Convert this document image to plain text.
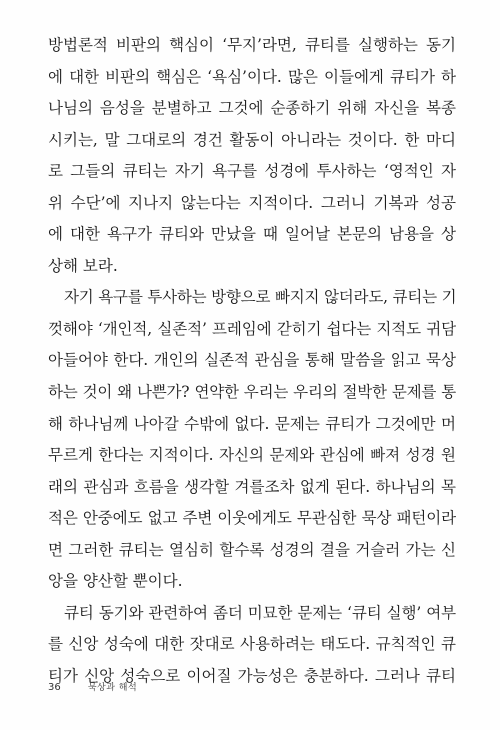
방법론적 비판의 핵심이 ‘무지’라면, 큐티를 실행하는 동기
에 대한 비판의 핵심은 ‘욕심’이다. 많은 이들에게 큐티가 하
나님의 음성을 분별하고 그것에 순종하기 위해 자신을 복종
시키는, 말 그대로의 경건 활동이 아니라는 것이다. 한 마디
로 그들의 큐티는 자기 욕구를 성경에 투사하는 ‘영적인 자
위 수단’에 지나지 않는다는 지적이다. 그러니 기복과 성공
에 대한 욕구가 큐티와 만났을 때 일어날 본문의 남용을 상
상해 보라.
자기 욕구를 투사하는 방향으로 빠지지 않더라도, 큐티는 기
껏해야 ‘개인적, 실존적’ 프레임에 갇히기 쉽다는 지적도 귀담
아들어야 한다. 개인의 실존적 관심을 통해 말씀을 읽고 묵상
하는 것이 왜 나쁜가? 연약한 우리는 우리의 절박한 문제를 통
해 하나님께 나아갈 수밖에 없다. 문제는 큐티가 그것에만 머
무르게 한다는 지적이다. 자신의 문제와 관심에 빠져 성경 원
래의 관심과 흐름을 생각할 겨를조차 없게 된다. 하나님의 목
적은 안중에도 없고 주변 이웃에게도 무관심한 묵상 패턴이라
면 그러한 큐티는 열심히 할수록 성경의 결을 거슬러 가는 신
앙을 양산할 뿐이다.
큐티 동기와 관련하여 좀더 미묘한 문제는 ‘큐티 실행’ 여부
를 신앙 성숙에 대한 잣대로 사용하려는 태도다. 규칙적인 큐
티가 신앙 성숙으로 이어질 가능성은 충분하다. 그러나 큐티
36	묵상과 해석
